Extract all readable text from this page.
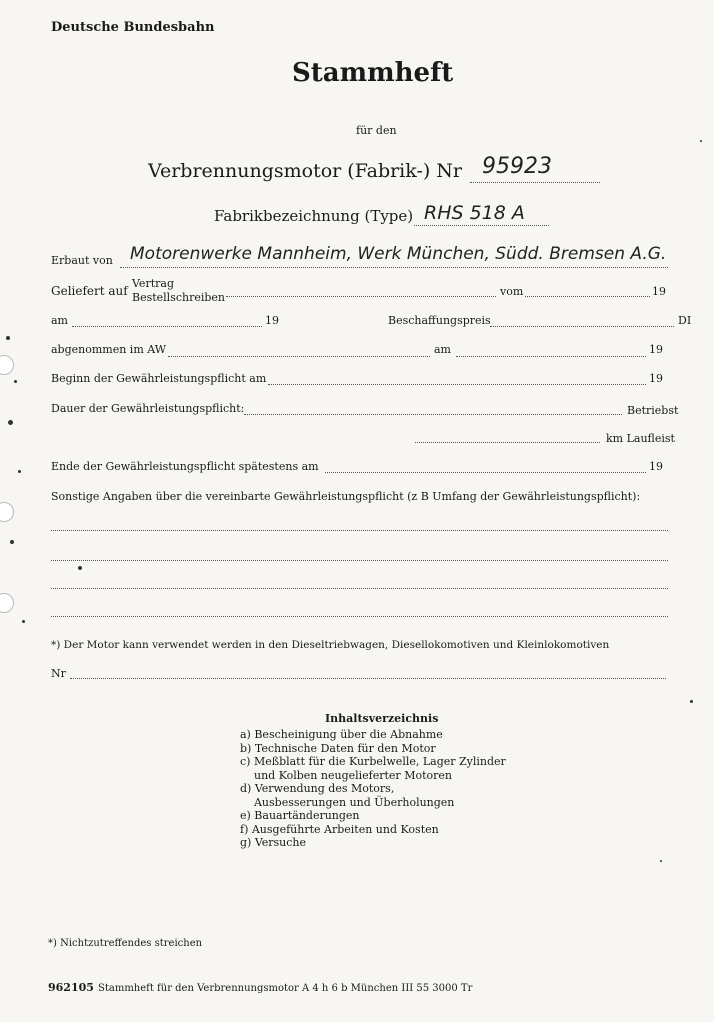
Deutsche Bundesbahn
Stammheft
für den
Verbrennungsmotor (Fabrik-) Nr 95923
Fabrikbezeichnung (Type) RHS 518 A
Erbaut von Motorenwerke Mannheim, Werk München, Südd. Bremsen A.G.
Geliefert auf
Vertrag
Bestellschreiben	vom	19
am	19	Beschaffungspreis	DI
abgenommen im AW	am	19
Beginn der Gewährleistungspflicht am	19
Dauer der Gewährleistungspflicht:	Betriebst
km Laufleist
Ende der Gewährleistungspflicht spätestens am	19
Sonstige Angaben über die vereinbarte Gewährleistungspflicht (z B Umfang der Gewährleistungspflicht):
*) Der Motor kann verwendet werden in den Dieseltriebwagen, Diesellokomotiven und Kleinlokomotiven
Nr
Inhaltsverzeichnis
a) Bescheinigung über die Abnahme
b) Technische Daten für den Motor
c) Meßblatt für die Kurbelwelle, Lager Zylinder
und Kolben neugelieferter Motoren
d) Verwendung des Motors,
Ausbesserungen und Überholungen
e) Bauartänderungen
f) Ausgeführte Arbeiten und Kosten
g) Versuche
*) Nichtzutreffendes streichen
962105 Stammheft für den Verbrennungsmotor A 4 h 6 b München III 55 3000 Tr
